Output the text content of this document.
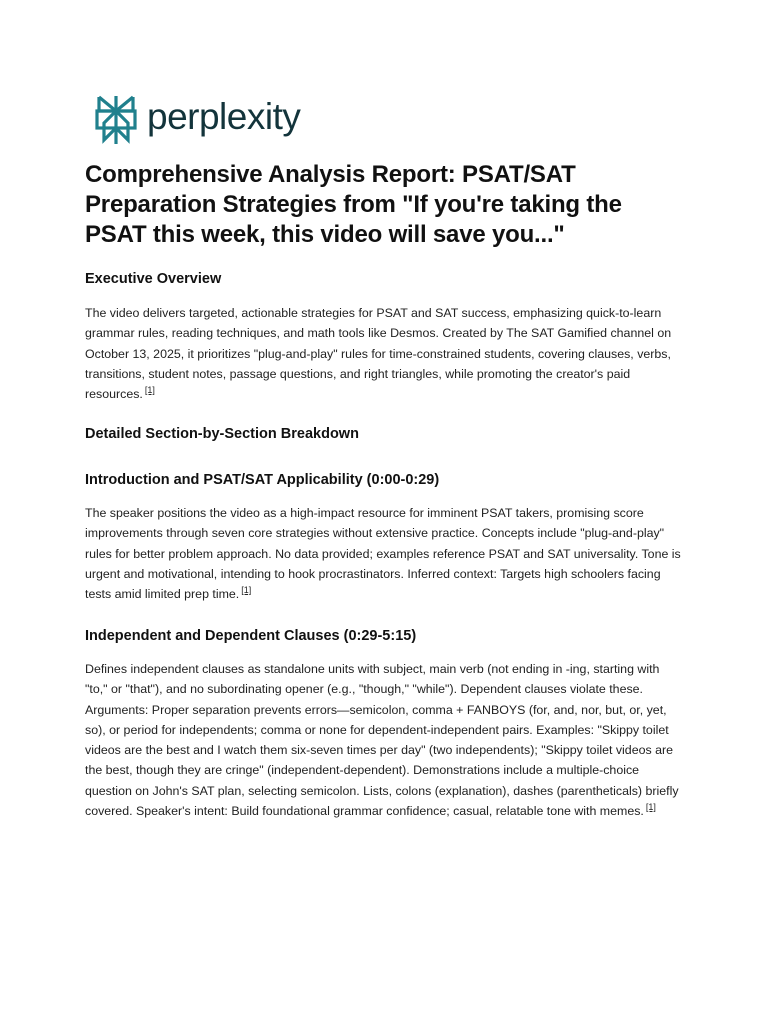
perplexity
Comprehensive Analysis Report: PSAT/SAT Preparation Strategies from "If you're taking the PSAT this week, this video will save you..."

Executive Overview

The video delivers targeted, actionable strategies for PSAT and SAT success, emphasizing quick-to-learn grammar rules, reading techniques, and math tools like Desmos. Created by The SAT Gamified channel on October 13, 2025, it prioritizes "plug-and-play" rules for time-constrained students, covering clauses, verbs, transitions, student notes, passage questions, and right triangles, while promoting the creator's paid resources. [1]

Detailed Section-by-Section Breakdown

Introduction and PSAT/SAT Applicability (0:00-0:29)

The speaker positions the video as a high-impact resource for imminent PSAT takers, promising score improvements through seven core strategies without extensive practice. Concepts include "plug-and-play" rules for better problem approach. No data provided; examples reference PSAT and SAT universality. Tone is urgent and motivational, intending to hook procrastinators. Inferred context: Targets high schoolers facing tests amid limited prep time. [1]

Independent and Dependent Clauses (0:29-5:15)

Defines independent clauses as standalone units with subject, main verb (not ending in -ing, starting with "to," or "that"), and no subordinating opener (e.g., "though," "while"). Dependent clauses violate these. Arguments: Proper separation prevents errors—semicolon, comma + FANBOYS (for, and, nor, but, or, yet, so), or period for independents; comma or none for dependent-independent pairs. Examples: "Skippy toilet videos are the best and I watch them six-seven times per day" (two independents); "Skippy toilet videos are the best, though they are cringe" (independent-dependent). Demonstrations include a multiple-choice question on John's SAT plan, selecting semicolon. Lists, colons (explanation), dashes (parentheticals) briefly covered. Speaker's intent: Build foundational grammar confidence; casual, relatable tone with memes. [1]
